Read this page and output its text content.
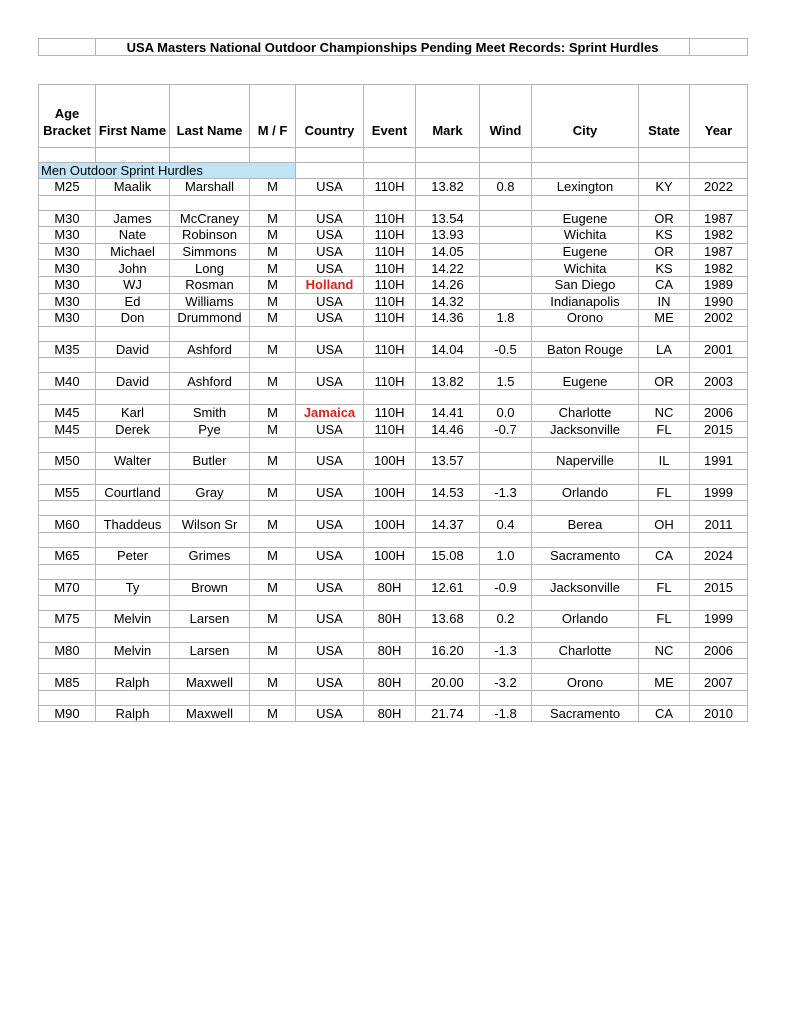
	USA Masters National Outdoor Championships Pending Meet Records: Sprint Hurdles	
Age
Bracket	First Name	Last Name	M / F	Country	Event	Mark	Wind	City	State	Year

Men Outdoor Sprint Hurdles										
M25	Maalik	Marshall	M	USA	110H	13.82	0.8	Lexington	KY	2022

M30	James	McCraney	M	USA	110H	13.54		Eugene	OR	1987
M30	Nate	Robinson	M	USA	110H	13.93		Wichita	KS	1982
M30	Michael	Simmons	M	USA	110H	14.05		Eugene	OR	1987
M30	John	Long	M	USA	110H	14.22		Wichita	KS	1982
M30	WJ	Rosman	M	Holland	110H	14.26		San Diego	CA	1989
M30	Ed	Williams	M	USA	110H	14.32		Indianapolis	IN	1990
M30	Don	Drummond	M	USA	110H	14.36	1.8	Orono	ME	2002

M35	David	Ashford	M	USA	110H	14.04	-0.5	Baton Rouge	LA	2001

M40	David	Ashford	M	USA	110H	13.82	1.5	Eugene	OR	2003

M45	Karl	Smith	M	Jamaica	110H	14.41	0.0	Charlotte	NC	2006
M45	Derek	Pye	M	USA	110H	14.46	-0.7	Jacksonville	FL	2015

M50	Walter	Butler	M	USA	100H	13.57		Naperville	IL	1991

M55	Courtland	Gray	M	USA	100H	14.53	-1.3	Orlando	FL	1999

M60	Thaddeus	Wilson Sr	M	USA	100H	14.37	0.4	Berea	OH	2011

M65	Peter	Grimes	M	USA	100H	15.08	1.0	Sacramento	CA	2024

M70	Ty	Brown	M	USA	80H	12.61	-0.9	Jacksonville	FL	2015

M75	Melvin	Larsen	M	USA	80H	13.68	0.2	Orlando	FL	1999

M80	Melvin	Larsen	M	USA	80H	16.20	-1.3	Charlotte	NC	2006

M85	Ralph	Maxwell	M	USA	80H	20.00	-3.2	Orono	ME	2007

M90	Ralph	Maxwell	M	USA	80H	21.74	-1.8	Sacramento	CA	2010
